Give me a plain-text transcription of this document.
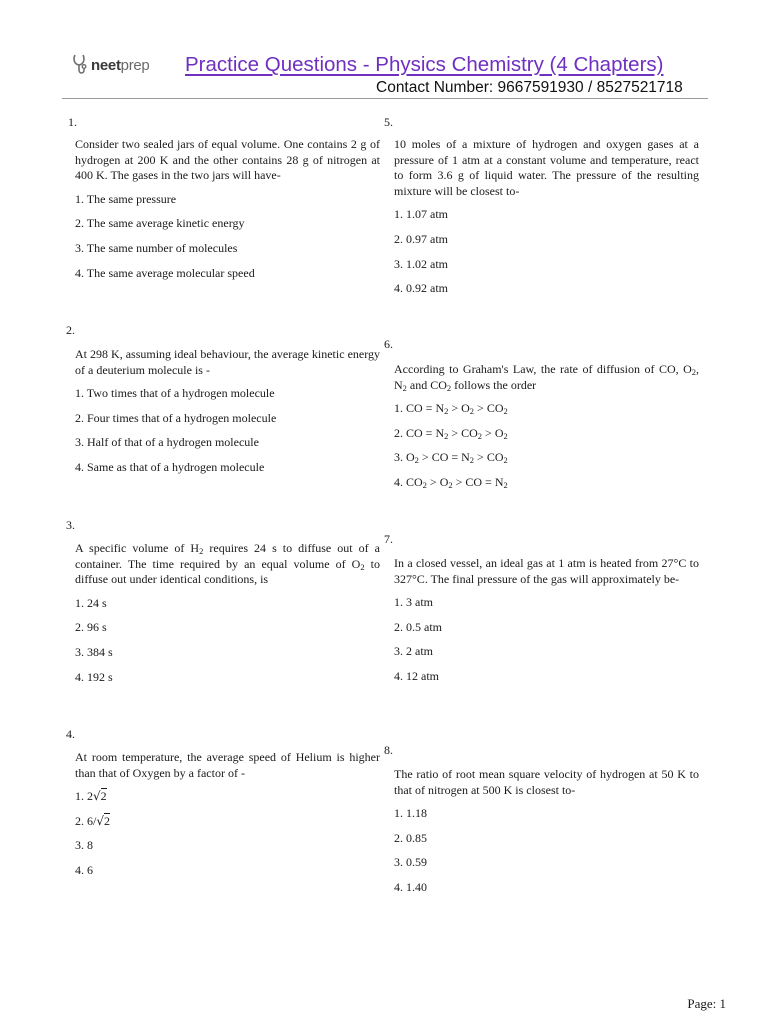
neetprep Practice Questions - Physics Chemistry (4 Chapters)
Contact Number: 9667591930 / 8527521718
1.

Consider two sealed jars of equal volume. One contains 2 g of hydrogen at 200 K and the other contains 28 g of nitrogen at 400 K. The gases in the two jars will have-

1. The same pressure
2. The same average kinetic energy
3. The same number of molecules
4. The same average molecular speed
2.

At 298 K, assuming ideal behaviour, the average kinetic energy of a deuterium molecule is -

1. Two times that of a hydrogen molecule
2. Four times that of a hydrogen molecule
3. Half of that of a hydrogen molecule
4. Same as that of a hydrogen molecule
3.

A specific volume of $H_2$ requires 24 s to diffuse out of a container. The time required by an equal volume of $O_2$ to diffuse out under identical conditions, is

1. 24 s
2. 96 s
3. 384 s
4. 192 s
4.

At room temperature, the average speed of Helium is higher than that of Oxygen by a factor of -

1. 2√2
2. 6/√2
3. 8
4. 6
5.

10 moles of a mixture of hydrogen and oxygen gases at a pressure of 1 atm at a constant volume and temperature, react to form 3.6 g of liquid water. The pressure of the resulting mixture will be closest to-

1. 1.07 atm
2. 0.97 atm
3. 1.02 atm
4. 0.92 atm
6.

According to Graham's Law, the rate of diffusion of CO, $O_2$, $N_2$ and $CO_2$ follows the order

1. CO = $N_2 > O_2 > CO_2$
2. CO = $N_2 > CO_2 > O_2$
3. $O_2$ > CO = $N_2 > CO_2$
4. $CO_2 > O_2$ > CO = $N_2$
7.

In a closed vessel, an ideal gas at 1 atm is heated from 27°C to 327°C. The final pressure of the gas will approximately be-

1. 3 atm
2. 0.5 atm
3. 2 atm
4. 12 atm
8.

The ratio of root mean square velocity of hydrogen at 50 K to that of nitrogen at 500 K is closest to-

1. 1.18
2. 0.85
3. 0.59
4. 1.40
Page: 1
